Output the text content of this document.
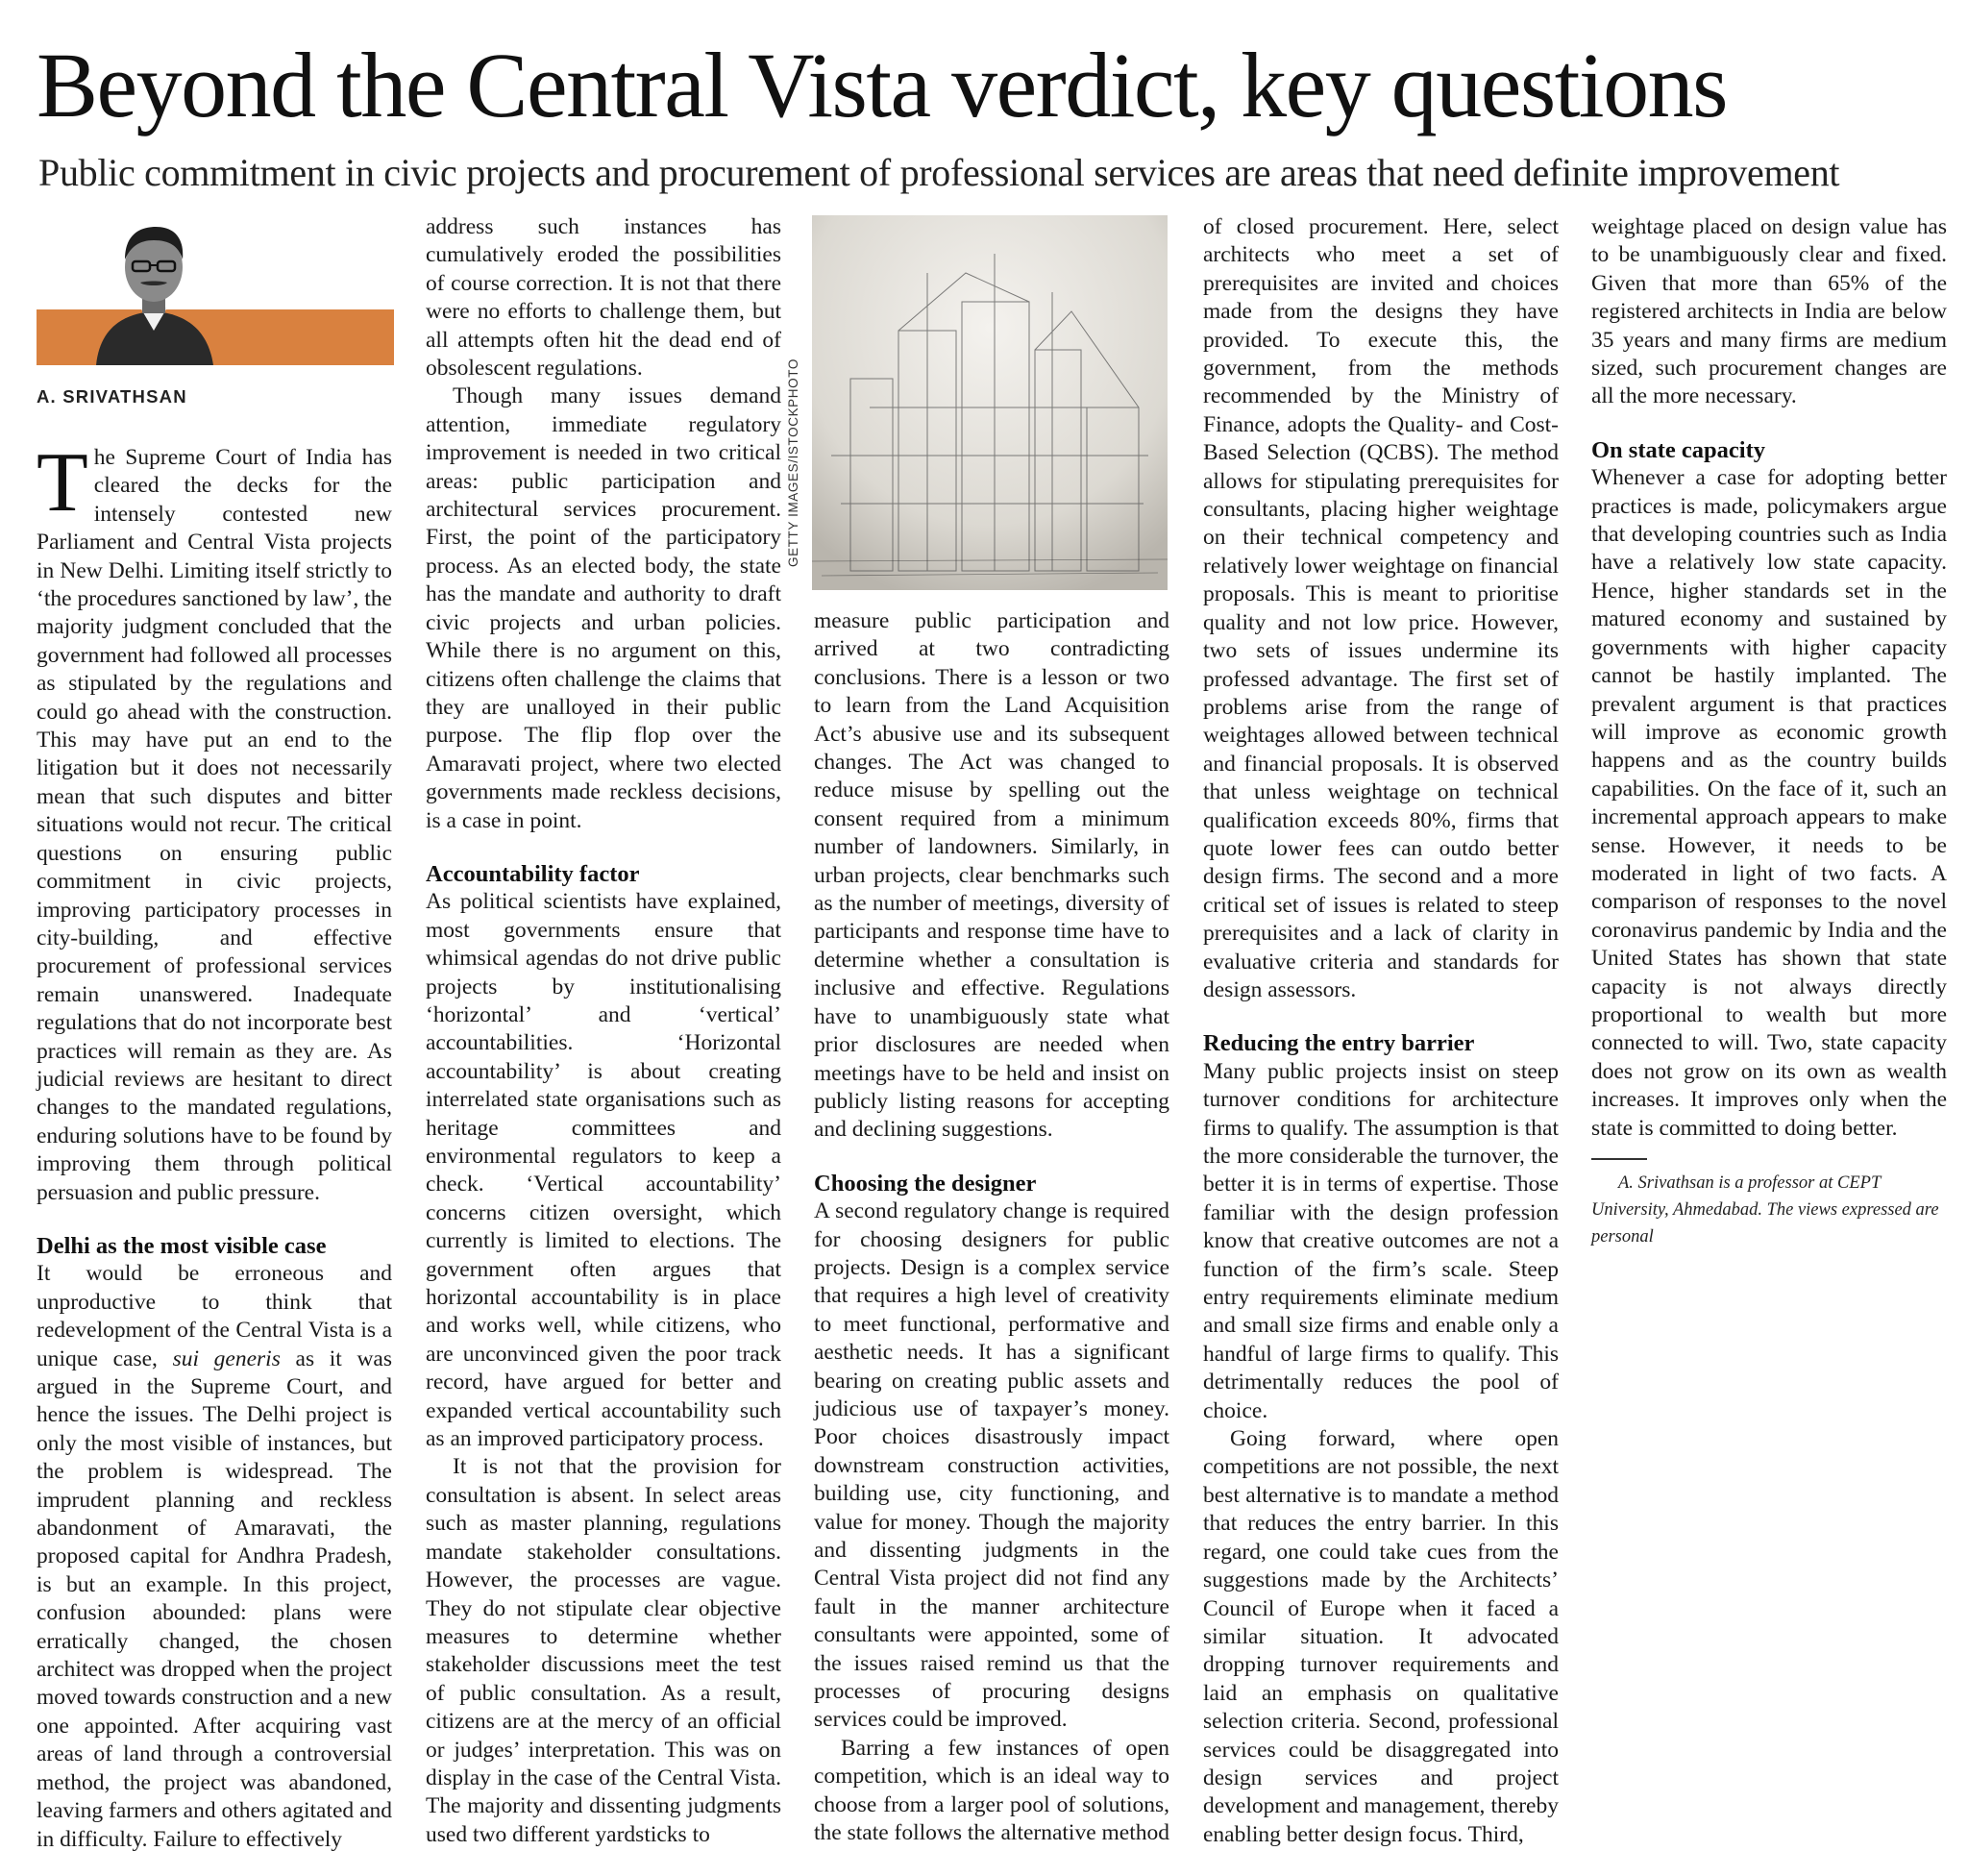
Beyond the Central Vista verdict, key questions
Public commitment in civic projects and procurement of professional services are areas that need definite improvement
A. SRIVATHSAN

The Supreme Court of India has cleared the decks for the intensely contested new Parliament and Central Vista projects in New Delhi. Limiting itself strictly to ‘the procedures sanctioned by law’, the majority judgment concluded that the government had followed all processes as stipulated by the regulations and could go ahead with the construction. This may have put an end to the litigation but it does not necessarily mean that such disputes and bitter situations would not recur. The critical questions on ensuring public commitment in civic projects, improving participatory processes in city-building, and effective procurement of professional services remain unanswered. Inadequate regulations that do not incorporate best practices will remain as they are. As judicial reviews are hesitant to direct changes to the mandated regulations, enduring solutions have to be found by improving them through political persuasion and public pressure.

Delhi as the most visible case

It would be erroneous and unproductive to think that redevelopment of the Central Vista is a unique case, sui generis as it was argued in the Supreme Court, and hence the issues. The Delhi project is only the most visible of instances, but the problem is widespread. The imprudent planning and reckless abandonment of Amaravati, the proposed capital for Andhra Pradesh, is but an example. In this project, confusion abounded: plans were erratically changed, the chosen architect was dropped when the project moved towards construction and a new one appointed. After acquiring vast areas of land through a controversial method, the project was abandoned, leaving farmers and others agitated and in difficulty. Failure to effectively

address such instances has cumulatively eroded the possibilities of course correction. It is not that there were no efforts to challenge them, but all attempts often hit the dead end of obsolescent regulations.

Though many issues demand attention, immediate regulatory improvement is needed in two critical areas: public participation and architectural services procurement. First, the point of the participatory process. As an elected body, the state has the mandate and authority to draft civic projects and urban policies. While there is no argument on this, citizens often challenge the claims that they are unalloyed in their public purpose. The flip flop over the Amaravati project, where two elected governments made reckless decisions, is a case in point.

Accountability factor

As political scientists have explained, most governments ensure that whimsical agendas do not drive public projects by institutionalising ‘horizontal’ and ‘vertical’ accountabilities. ‘Horizontal accountability’ is about creating interrelated state organisations such as heritage committees and environmental regulators to keep a check. ‘Vertical accountability’ concerns citizen oversight, which currently is limited to elections. The government often argues that horizontal accountability is in place and works well, while citizens, who are unconvinced given the poor track record, have argued for better and expanded vertical accountability such as an improved participatory process.

It is not that the provision for consultation is absent. In select areas such as master planning, regulations mandate stakeholder consultations. However, the processes are vague. They do not stipulate clear objective measures to determine whether stakeholder discussions meet the test of public consultation. As a result, citizens are at the mercy of an official or judges’ interpretation. This was on display in the case of the Central Vista. The majority and dissenting judgments used two different yardsticks to

GETTY IMAGES/ISTOCKPHOTO

measure public participation and arrived at two contradicting conclusions. There is a lesson or two to learn from the Land Acquisition Act’s abusive use and its subsequent changes. The Act was changed to reduce misuse by spelling out the consent required from a minimum number of landowners. Similarly, in urban projects, clear benchmarks such as the number of meetings, diversity of participants and response time have to determine whether a consultation is inclusive and effective. Regulations have to unambiguously state what prior disclosures are needed when meetings have to be held and insist on publicly listing reasons for accepting and declining suggestions.

Choosing the designer

A second regulatory change is required for choosing designers for public projects. Design is a complex service that requires a high level of creativity to meet functional, performative and aesthetic needs. It has a significant bearing on creating public assets and judicious use of taxpayer’s money. Poor choices disastrously impact downstream construction activities, building use, city functioning, and value for money. Though the majority and dissenting judgments in the Central Vista project did not find any fault in the manner architecture consultants were appointed, some of the issues raised remind us that the processes of procuring designs services could be improved.

Barring a few instances of open competition, which is an ideal way to choose from a larger pool of solutions, the state follows the alternative method

of closed procurement. Here, select architects who meet a set of prerequisites are invited and choices made from the designs they have provided. To execute this, the government, from the methods recommended by the Ministry of Finance, adopts the Quality- and Cost-Based Selection (QCBS). The method allows for stipulating prerequisites for consultants, placing higher weightage on their technical competency and relatively lower weightage on financial proposals. This is meant to prioritise quality and not low price. However, two sets of issues undermine its professed advantage. The first set of problems arise from the range of weightages allowed between technical and financial proposals. It is observed that unless weightage on technical qualification exceeds 80%, firms that quote lower fees can outdo better design firms. The second and a more critical set of issues is related to steep prerequisites and a lack of clarity in evaluative criteria and standards for design assessors.

Reducing the entry barrier

Many public projects insist on steep turnover conditions for architecture firms to qualify. The assumption is that the more considerable the turnover, the better it is in terms of expertise. Those familiar with the design profession know that creative outcomes are not a function of the firm’s scale. Steep entry requirements eliminate medium and small size firms and enable only a handful of large firms to qualify. This detrimentally reduces the pool of choice.

Going forward, where open competitions are not possible, the next best alternative is to mandate a method that reduces the entry barrier. In this regard, one could take cues from the suggestions made by the Architects’ Council of Europe when it faced a similar situation. It advocated dropping turnover requirements and laid an emphasis on qualitative selection criteria. Second, professional services could be disaggregated into design services and project development and management, thereby enabling better design focus. Third,

weightage placed on design value has to be unambiguously clear and fixed. Given that more than 65% of the registered architects in India are below 35 years and many firms are medium sized, such procurement changes are all the more necessary.

On state capacity

Whenever a case for adopting better practices is made, policymakers argue that developing countries such as India have a relatively low state capacity. Hence, higher standards set in the matured economy and sustained by governments with higher capacity cannot be hastily implanted. The prevalent argument is that practices will improve as economic growth happens and as the country builds capabilities. On the face of it, such an incremental approach appears to make sense. However, it needs to be moderated in light of two facts. A comparison of responses to the novel coronavirus pandemic by India and the United States has shown that state capacity is not always directly proportional to wealth but more connected to will. Two, state capacity does not grow on its own as wealth increases. It improves only when the state is committed to doing better.

A. Srivathsan is a professor at CEPT University, Ahmedabad. The views expressed are personal
